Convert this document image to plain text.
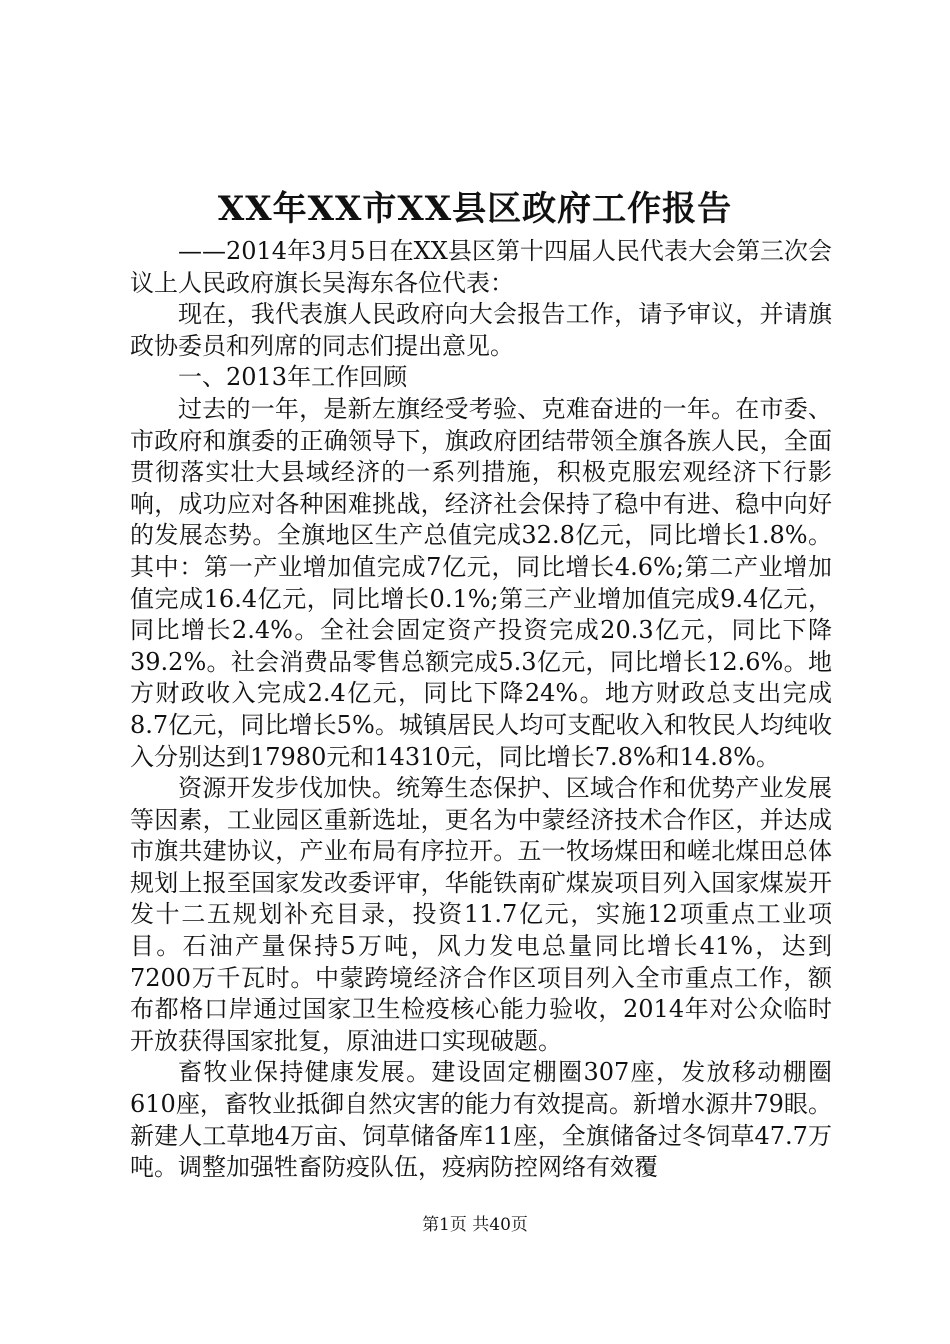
XX年XX市XX县区政府工作报告

——2014年3月5日在XX县区第十四届人民代表大会第三次会议上人民政府旗长吴海东各位代表：

现在，我代表旗人民政府向大会报告工作，请予审议，并请旗政协委员和列席的同志们提出意见。

一、2013年工作回顾

过去的一年，是新左旗经受考验、克难奋进的一年。在市委、市政府和旗委的正确领导下，旗政府团结带领全旗各族人民，全面贯彻落实壮大县域经济的一系列措施，积极克服宏观经济下行影响，成功应对各种困难挑战，经济社会保持了稳中有进、稳中向好的发展态势。全旗地区生产总值完成32.8亿元，同比增长1.8%。其中：第一产业增加值完成7亿元，同比增长4.6%;第二产业增加值完成16.4亿元，同比增长0.1%;第三产业增加值完成9.4亿元，同比增长2.4%。全社会固定资产投资完成20.3亿元，同比下降39.2%。社会消费品零售总额完成5.3亿元，同比增长12.6%。地方财政收入完成2.4亿元，同比下降24%。地方财政总支出完成8.7亿元，同比增长5%。城镇居民人均可支配收入和牧民人均纯收入分别达到17980元和14310元，同比增长7.8%和14.8%。

资源开发步伐加快。统筹生态保护、区域合作和优势产业发展等因素，工业园区重新选址，更名为中蒙经济技术合作区，并达成市旗共建协议，产业布局有序拉开。五一牧场煤田和嵯北煤田总体规划上报至国家发改委评审，华能铁南矿煤炭项目列入国家煤炭开发十二五规划补充目录，投资11.7亿元，实施12项重点工业项目。石油产量保持5万吨，风力发电总量同比增长41%，达到7200万千瓦时。中蒙跨境经济合作区项目列入全市重点工作，额布都格口岸通过国家卫生检疫核心能力验收，2014年对公众临时开放获得国家批复，原油进口实现破题。

畜牧业保持健康发展。建设固定棚圈307座，发放移动棚圈610座，畜牧业抵御自然灾害的能力有效提高。新增水源井79眼。新建人工草地4万亩、饲草储备库11座，全旗储备过冬饲草47.7万吨。调整加强牲畜防疫队伍，疫病防控网络有效覆

第1页 共40页
